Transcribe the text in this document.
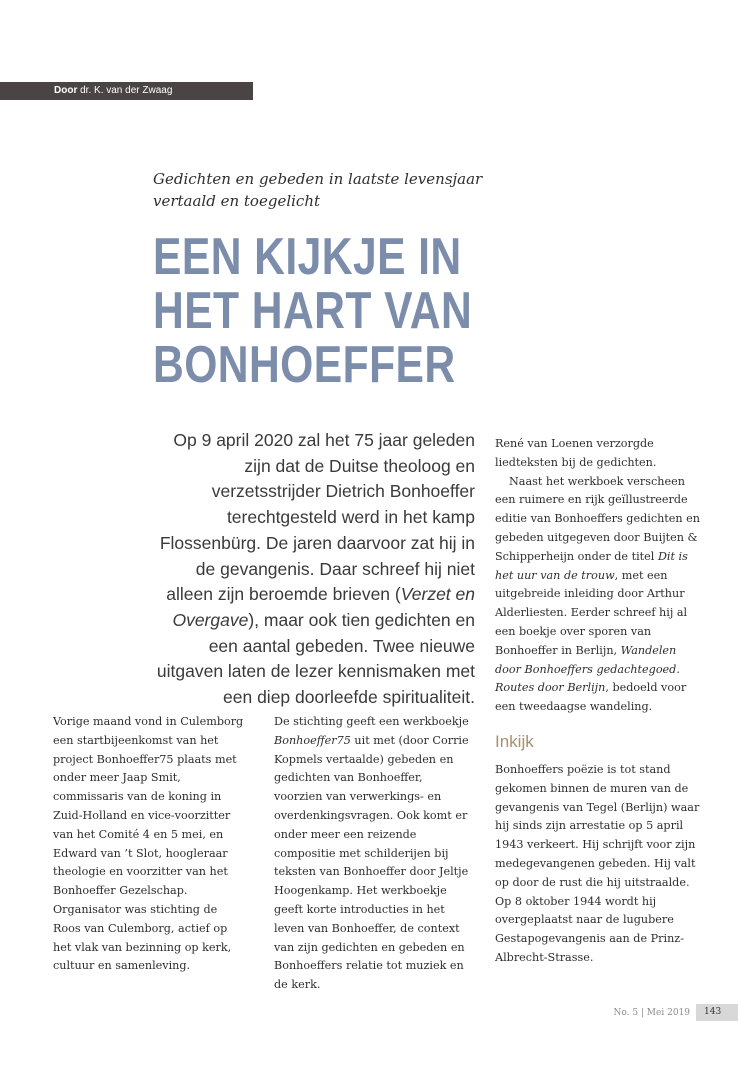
Door dr. K. van der Zwaag
Gedichten en gebeden in laatste levensjaar
vertaald en toegelicht
EEN KIJKJE IN
HET HART VAN
BONHOEFFER
Op 9 april 2020 zal het 75 jaar geleden zijn dat de Duitse theoloog en verzetsstrijder Dietrich Bonhoeffer terechtgesteld werd in het kamp Flossenbürg. De jaren daarvoor zat hij in de gevangenis. Daar schreef hij niet alleen zijn beroemde brieven (Verzet en Overgave), maar ook tien gedichten en een aantal gebeden. Twee nieuwe uitgaven laten de lezer kennismaken met een diep doorleefde spiritualiteit.

Vorige maand vond in Culemborg een startbijeenkomst van het project Bonhoeffer75 plaats met onder meer Jaap Smit, commissaris van de koning in Zuid-Holland en vice-voorzitter van het Comité 4 en 5 mei, en Edward van ’t Slot, hoogleraar theologie en voorzitter van het Bonhoeffer Gezelschap. Organisator was stichting de Roos van Culemborg, actief op het vlak van bezinning op kerk, cultuur en samenleving.

De stichting geeft een werkboekje Bonhoeffer75 uit met (door Corrie Kopmels vertaalde) gebeden en gedichten van Bonhoeffer, voorzien van verwerkings- en overdenkingsvragen. Ook komt er onder meer een reizende compositie met schilderijen bij teksten van Bonhoeffer door Jeltje Hoogenkamp. Het werkboekje geeft korte introducties in het leven van Bonhoeffer, de context van zijn gedichten en gebeden en Bonhoeffers relatie tot muziek en de kerk.

René van Loenen verzorgde liedteksten bij de gedichten.

Naast het werkboek verscheen een ruimere en rijk geïllustreerde editie van Bonhoeffers gedichten en gebeden uitgegeven door Buijten & Schipperheijn onder de titel Dit is het uur van de trouw, met een uitgebreide inleiding door Arthur Alderliesten. Eerder schreef hij al een boekje over sporen van Bonhoeffer in Berlijn, Wandelen door Bonhoeffers gedachtegoed. Routes door Berlijn, bedoeld voor een tweedaagse wandeling.

Inkijk

Bonhoeffers poëzie is tot stand gekomen binnen de muren van de gevangenis van Tegel (Berlijn) waar hij sinds zijn arrestatie op 5 april 1943 verkeert. Hij schrijft voor zijn medegevangenen gebeden. Hij valt op door de rust die hij uitstraalde. Op 8 oktober 1944 wordt hij overgeplaatst naar de lugubere Gestapogevangenis aan de Prinz-Albrecht-Strasse.

No. 5 | Mei 2019	143
